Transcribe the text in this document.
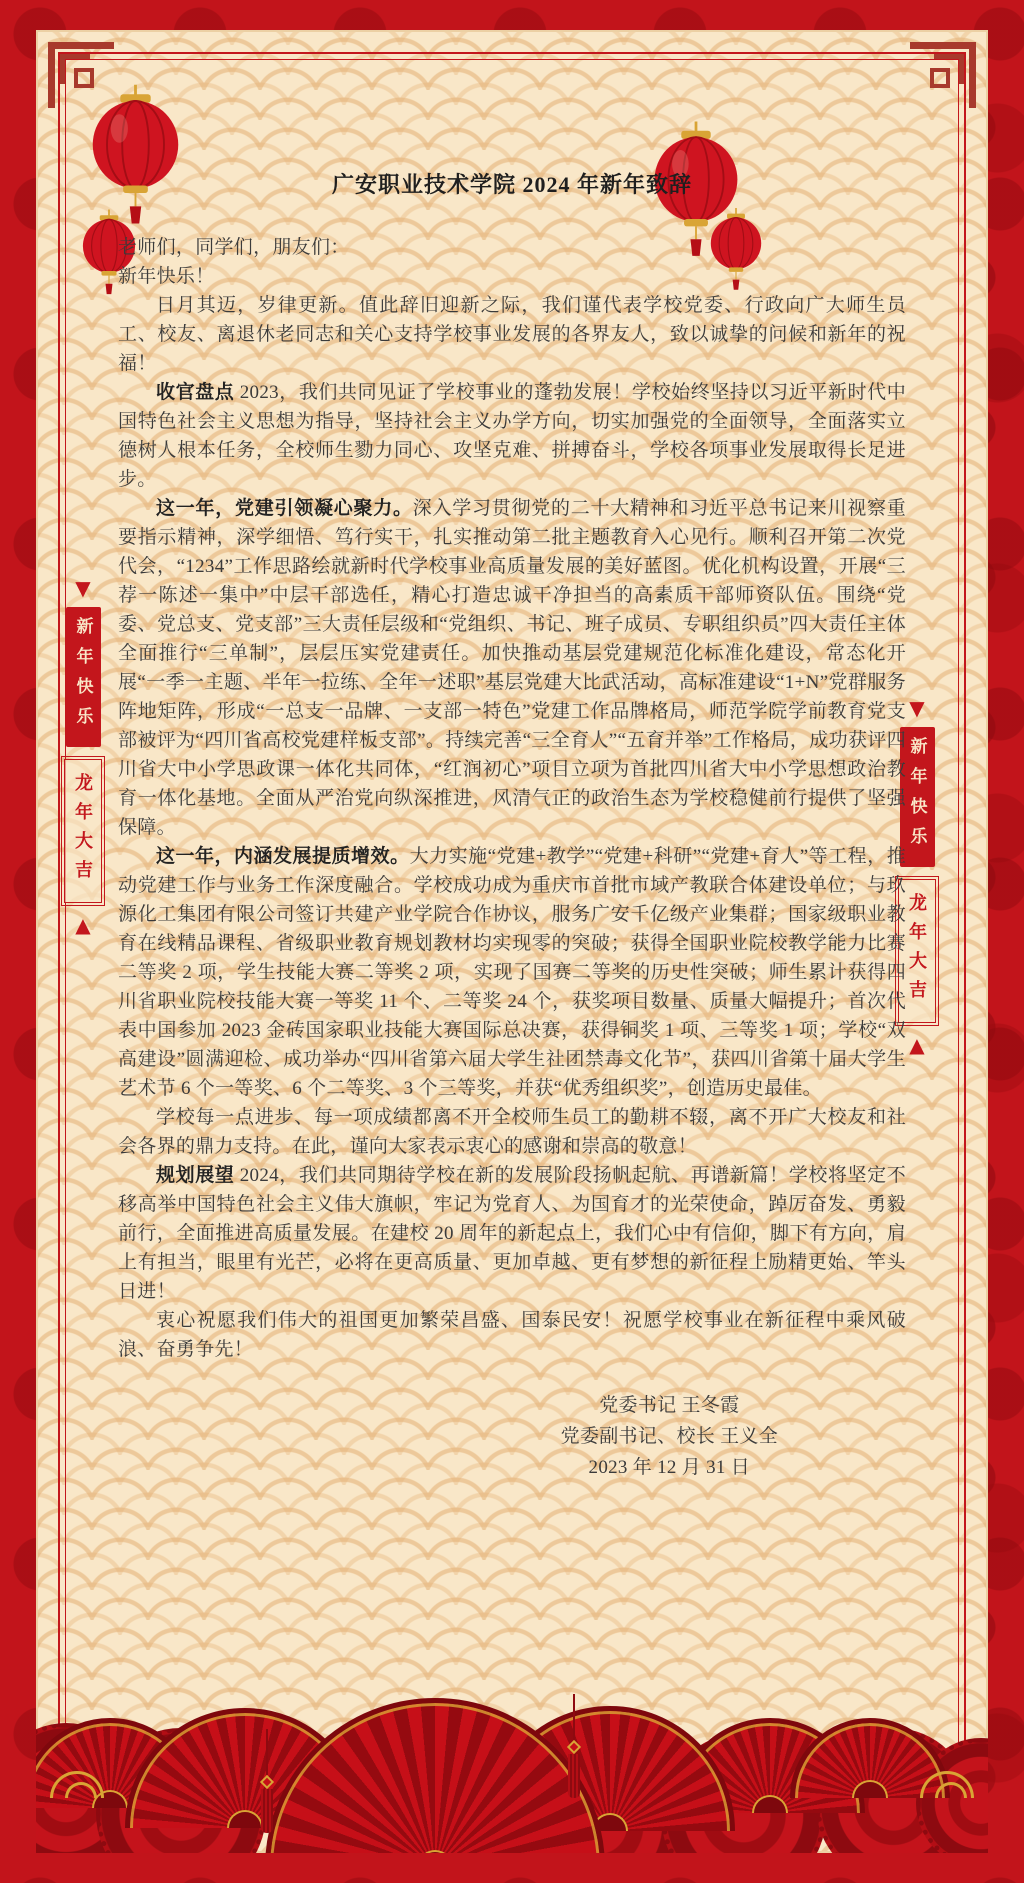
▼
新年快乐
龙年大吉
▲
▼
新年快乐
龙年大吉
▲
广安职业技术学院 2024 年新年致辞

老师们，同学们，朋友们：

新年快乐！

日月其迈，岁律更新。值此辞旧迎新之际，我们谨代表学校党委、行政向广大师生员工、校友、离退休老同志和关心支持学校事业发展的各界友人，致以诚挚的问候和新年的祝福！

收官盘点 2023，我们共同见证了学校事业的蓬勃发展！学校始终坚持以习近平新时代中国特色社会主义思想为指导，坚持社会主义办学方向，切实加强党的全面领导，全面落实立德树人根本任务，全校师生勠力同心、攻坚克难、拼搏奋斗，学校各项事业发展取得长足进步。

这一年，党建引领凝心聚力。深入学习贯彻党的二十大精神和习近平总书记来川视察重要指示精神，深学细悟、笃行实干，扎实推动第二批主题教育入心见行。顺利召开第二次党代会，“1234”工作思路绘就新时代学校事业高质量发展的美好蓝图。优化机构设置，开展“三荐一陈述一集中”中层干部选任，精心打造忠诚干净担当的高素质干部师资队伍。围绕“党委、党总支、党支部”三大责任层级和“党组织、书记、班子成员、专职组织员”四大责任主体全面推行“三单制”，层层压实党建责任。加快推动基层党建规范化标准化建设，常态化开展“一季一主题、半年一拉练、全年一述职”基层党建大比武活动，高标准建设“1+N”党群服务阵地矩阵，形成“一总支一品牌、一支部一特色”党建工作品牌格局，师范学院学前教育党支部被评为“四川省高校党建样板支部”。持续完善“三全育人”“五育并举”工作格局，成功获评四川省大中小学思政课一体化共同体，“红润初心”项目立项为首批四川省大中小学思想政治教育一体化基地。全面从严治党向纵深推进，风清气正的政治生态为学校稳健前行提供了坚强保障。

这一年，内涵发展提质增效。大力实施“党建+教学”“党建+科研”“党建+育人”等工程，推动党建工作与业务工作深度融合。学校成功成为重庆市首批市域产教联合体建设单位；与玖源化工集团有限公司签订共建产业学院合作协议，服务广安千亿级产业集群；国家级职业教育在线精品课程、省级职业教育规划教材均实现零的突破；获得全国职业院校教学能力比赛二等奖 2 项，学生技能大赛二等奖 2 项，实现了国赛二等奖的历史性突破；师生累计获得四川省职业院校技能大赛一等奖 11 个、二等奖 24 个，获奖项目数量、质量大幅提升；首次代表中国参加 2023 金砖国家职业技能大赛国际总决赛，获得铜奖 1 项、三等奖 1 项；学校“双高建设”圆满迎检、成功举办“四川省第六届大学生社团禁毒文化节”，获四川省第十届大学生艺术节 6 个一等奖、6 个二等奖、3 个三等奖，并获“优秀组织奖”，创造历史最佳。

学校每一点进步、每一项成绩都离不开全校师生员工的勤耕不辍，离不开广大校友和社会各界的鼎力支持。在此，谨向大家表示衷心的感谢和崇高的敬意！

规划展望 2024，我们共同期待学校在新的发展阶段扬帆起航、再谱新篇！学校将坚定不移高举中国特色社会主义伟大旗帜，牢记为党育人、为国育才的光荣使命，踔厉奋发、勇毅前行，全面推进高质量发展。在建校 20 周年的新起点上，我们心中有信仰，脚下有方向，肩上有担当，眼里有光芒，必将在更高质量、更加卓越、更有梦想的新征程上励精更始、竿头日进！

衷心祝愿我们伟大的祖国更加繁荣昌盛、国泰民安！祝愿学校事业在新征程中乘风破浪、奋勇争先！

党委书记 王冬霞

党委副书记、校长 王义全

2023 年 12 月 31 日
